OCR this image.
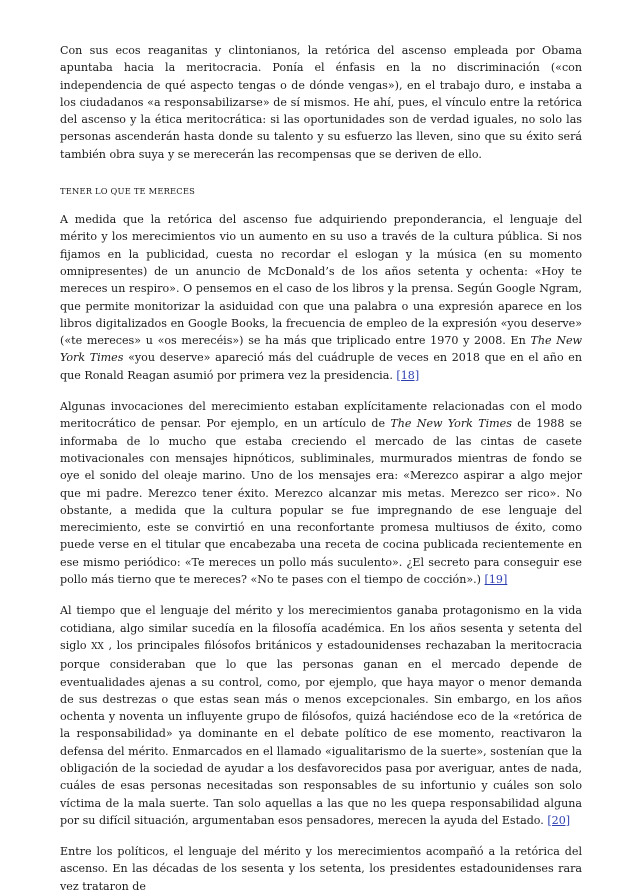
Con sus ecos reaganitas y clintonianos, la retórica del ascenso empleada por Obama apuntaba hacia la meritocracia. Ponía el énfasis en la no discriminación («con independencia de qué aspecto tengas o de dónde vengas»), en el trabajo duro, e instaba a los ciudadanos «a responsabilizarse» de sí mismos. He ahí, pues, el vínculo entre la retórica del ascenso y la ética meritocrática: si las oportunidades son de verdad iguales, no solo las personas ascenderán hasta donde su talento y su esfuerzo las lleven, sino que su éxito será también obra suya y se merecerán las recompensas que se deriven de ello.

TENER LO QUE TE MERECES

A medida que la retórica del ascenso fue adquiriendo preponderancia, el lenguaje del mérito y los merecimientos vio un aumento en su uso a través de la cultura pública. Si nos fijamos en la publicidad, cuesta no recordar el eslogan y la música (en su momento omnipresentes) de un anuncio de McDonald’s de los años setenta y ochenta: «Hoy te mereces un respiro». O pensemos en el caso de los libros y la prensa. Según Google Ngram, que permite monitorizar la asiduidad con que una palabra o una expresión aparece en los libros digitalizados en Google Books, la frecuencia de empleo de la expresión «you deserve» («te mereces» u «os merecéis») se ha más que triplicado entre 1970 y 2008. En The New York Times «you deserve» apareció más del cuádruple de veces en 2018 que en el año en que Ronald Reagan asumió por primera vez la presidencia. [18]

Algunas invocaciones del merecimiento estaban explícitamente relacionadas con el modo meritocrático de pensar. Por ejemplo, en un artículo de The New York Times de 1988 se informaba de lo mucho que estaba creciendo el mercado de las cintas de casete motivacionales con mensajes hipnóticos, subliminales, murmurados mientras de fondo se oye el sonido del oleaje marino. Uno de los mensajes era: «Merezco aspirar a algo mejor que mi padre. Merezco tener éxito. Merezco alcanzar mis metas. Merezco ser rico». No obstante, a medida que la cultura popular se fue impregnando de ese lenguaje del merecimiento, este se convirtió en una reconfortante promesa multiusos de éxito, como puede verse en el titular que encabezaba una receta de cocina publicada recientemente en ese mismo periódico: «Te mereces un pollo más suculento». ¿El secreto para conseguir ese pollo más tierno que te mereces? «No te pases con el tiempo de cocción».) [19]

Al tiempo que el lenguaje del mérito y los merecimientos ganaba protagonismo en la vida cotidiana, algo similar sucedía en la filosofía académica. En los años sesenta y setenta del siglo XX , los principales filósofos británicos y estadounidenses rechazaban la meritocracia porque consideraban que lo que las personas ganan en el mercado depende de eventualidades ajenas a su control, como, por ejemplo, que haya mayor o menor demanda de sus destrezas o que estas sean más o menos excepcionales. Sin embargo, en los años ochenta y noventa un influyente grupo de filósofos, quizá haciéndose eco de la «retórica de la responsabilidad» ya dominante en el debate político de ese momento, reactivaron la defensa del mérito. Enmarcados en el llamado «igualitarismo de la suerte», sostenían que la obligación de la sociedad de ayudar a los desfavorecidos pasa por averiguar, antes de nada, cuáles de esas personas necesitadas son responsables de su infortunio y cuáles son solo víctima de la mala suerte. Tan solo aquellas a las que no les quepa responsabilidad alguna por su difícil situación, argumentaban esos pensadores, merecen la ayuda del Estado. [20]

Entre los políticos, el lenguaje del mérito y los merecimientos acompañó a la retórica del ascenso. En las décadas de los sesenta y los setenta, los presidentes estadounidenses rara vez trataron de
